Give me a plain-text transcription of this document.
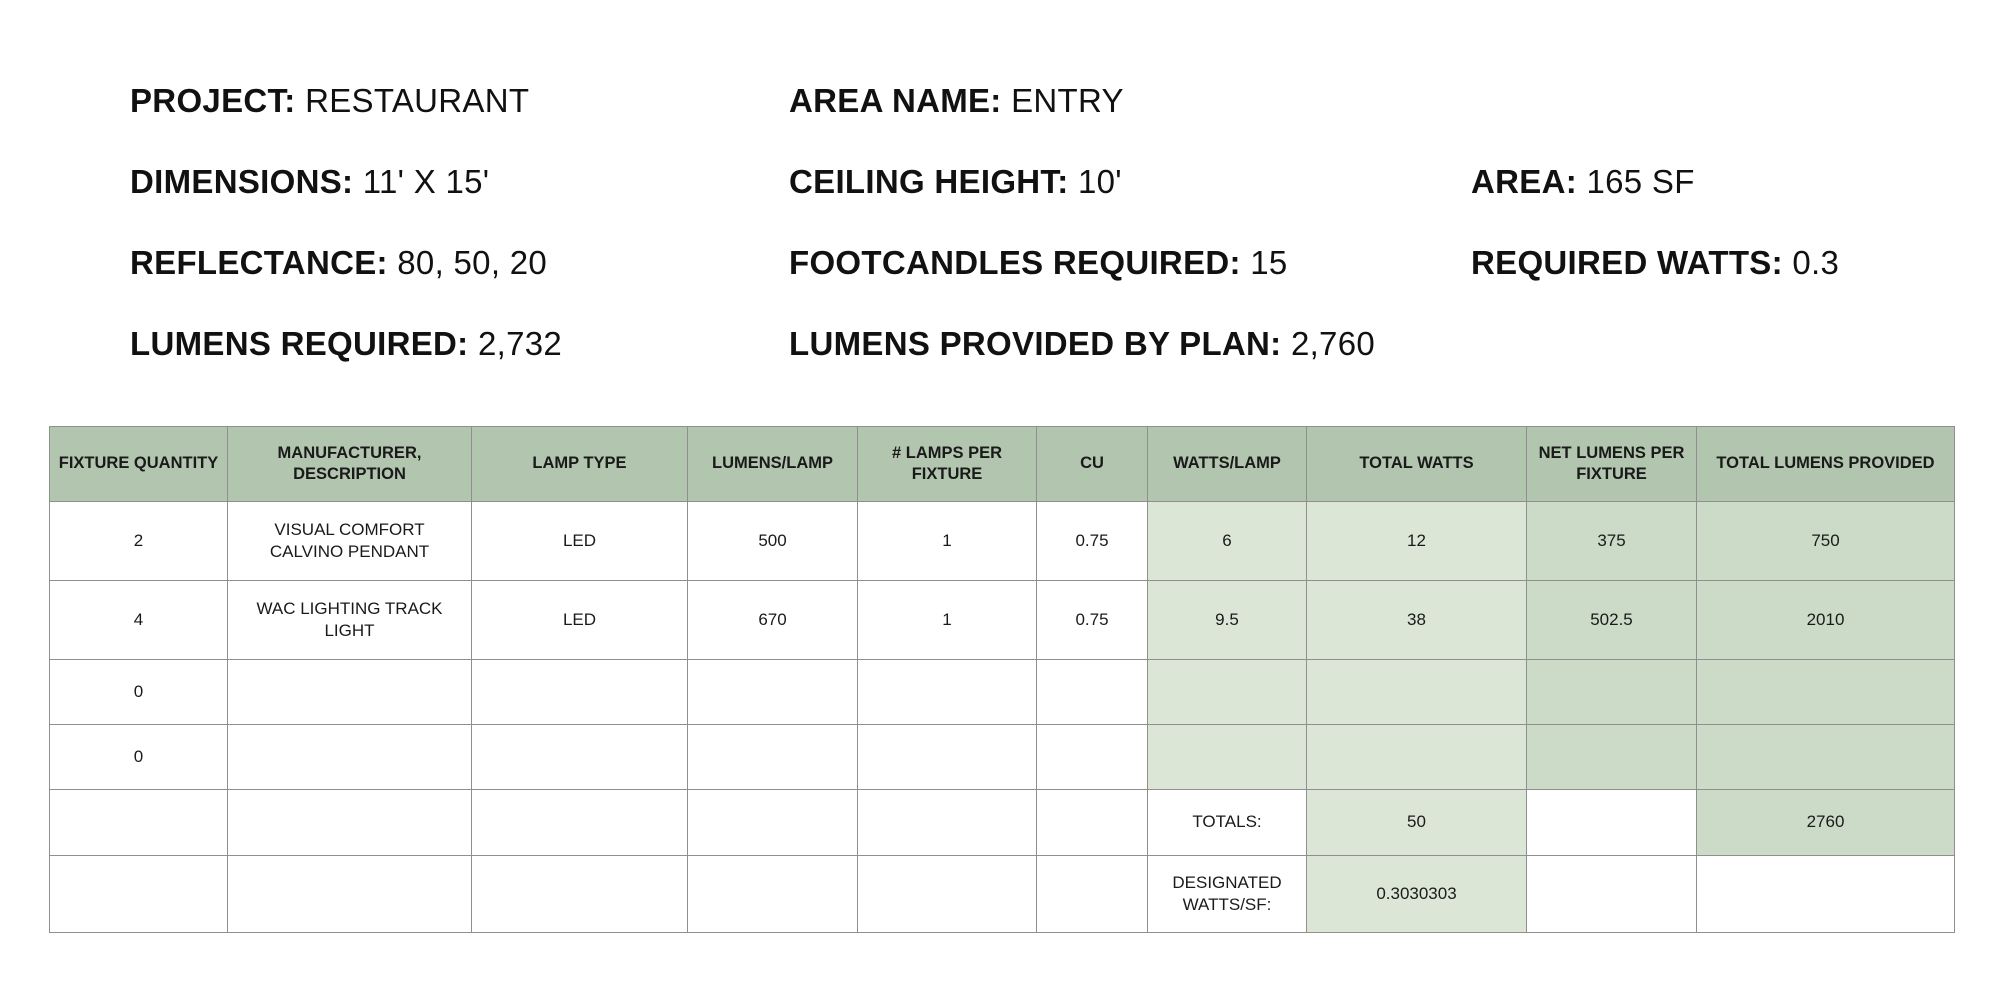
PROJECT: RESTAURANT	AREA NAME: ENTRY
DIMENSIONS: 11' X 15'	CEILING HEIGHT: 10'	AREA: 165 SF
REFLECTANCE: 80, 50, 20	FOOTCANDLES REQUIRED: 15	REQUIRED WATTS: 0.3
LUMENS REQUIRED: 2,732	LUMENS PROVIDED BY PLAN: 2,760
FIXTURE QUANTITY	MANUFACTURER, DESCRIPTION	LAMP TYPE	LUMENS/LAMP	# LAMPS PER FIXTURE	CU	WATTS/LAMP	TOTAL WATTS	NET LUMENS PER FIXTURE	TOTAL LUMENS PROVIDED
2	VISUAL COMFORT CALVINO PENDANT	LED	500	1	0.75	6	12	375	750
4	WAC LIGHTING TRACK LIGHT	LED	670	1	0.75	9.5	38	502.5	2010
0									
0									
						TOTALS:	50		2760
						DESIGNATED WATTS/SF:	0.3030303		
